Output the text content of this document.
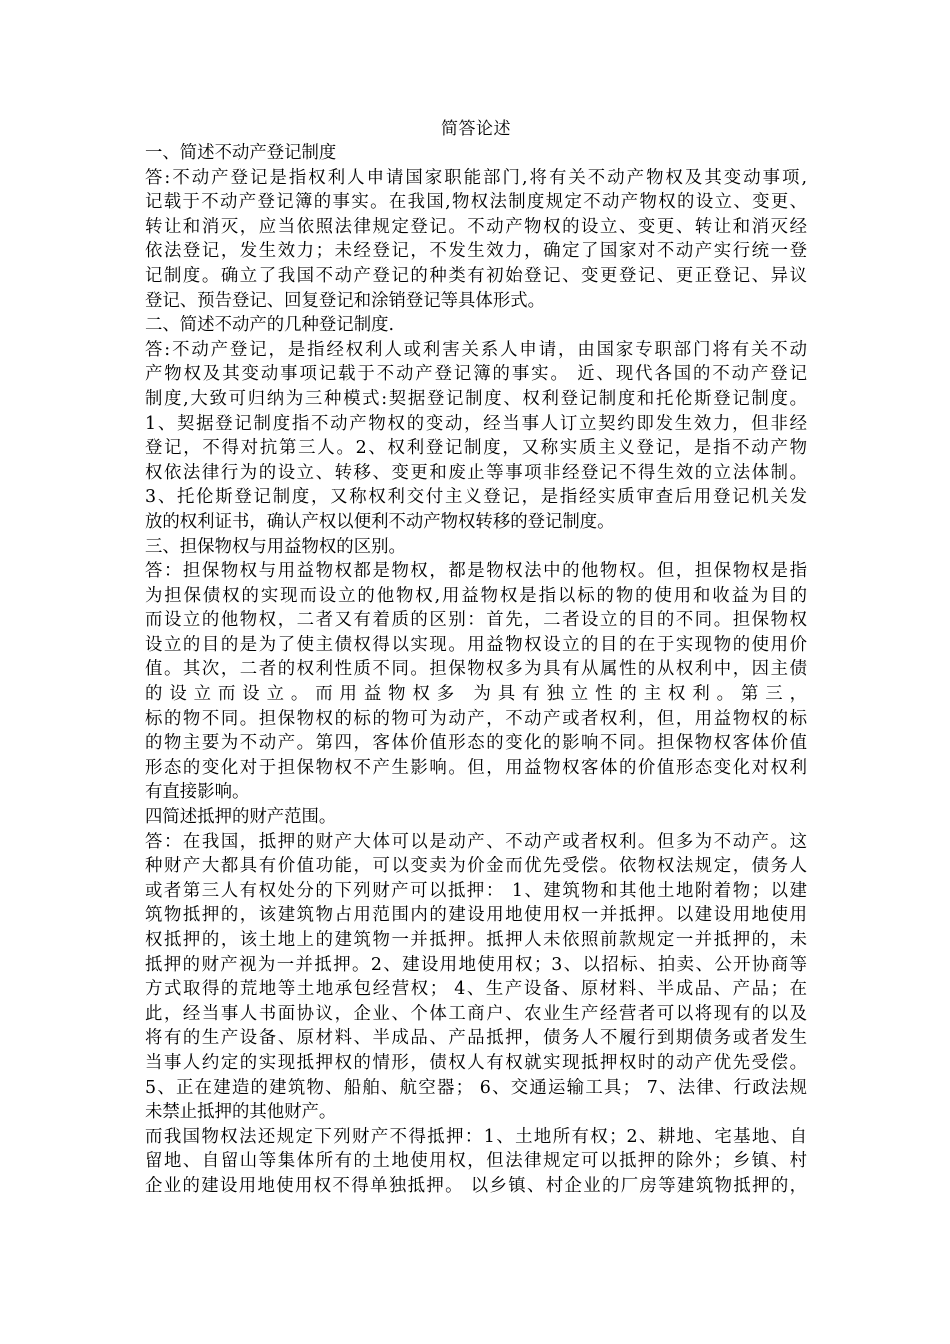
简答论述
一、简述不动产登记制度
答:不动产登记是指权利人申请国家职能部门,将有关不动产物权及其变动事项,
记载于不动产登记簿的事实。在我国,物权法制度规定不动产物权的设立、变更、
转让和消灭，应当依照法律规定登记。不动产物权的设立、变更、转让和消灭经
依法登记，发生效力；未经登记，不发生效力，确定了国家对不动产实行统一登
记制度。确立了我国不动产登记的种类有初始登记、变更登记、更正登记、异议
登记、预告登记、回复登记和涂销登记等具体形式。
二、简述不动产的几种登记制度.
答:不动产登记，是指经权利人或利害关系人申请，由国家专职部门将有关不动
产物权及其变动事项记载于不动产登记簿的事实。 近、现代各国的不动产登记
制度,大致可归纳为三种模式:契据登记制度、权利登记制度和托伦斯登记制度。
1、契据登记制度指不动产物权的变动，经当事人订立契约即发生效力，但非经
登记，不得对抗第三人。2、权利登记制度，又称实质主义登记，是指不动产物
权依法律行为的设立、转移、变更和废止等事项非经登记不得生效的立法体制。
3、托伦斯登记制度，又称权利交付主义登记，是指经实质审查后用登记机关发
放的权利证书，确认产权以便利不动产物权转移的登记制度。
三、担保物权与用益物权的区别。
答：担保物权与用益物权都是物权，都是物权法中的他物权。但，担保物权是指
为担保债权的实现而设立的他物权,用益物权是指以标的物的使用和收益为目的
而设立的他物权，二者又有着质的区别：首先，二者设立的目的不同。担保物权
设立的目的是为了使主债权得以实现。用益物权设立的目的在于实现物的使用价
值。其次，二者的权利性质不同。担保物权多为具有从属性的从权利中，因主债
的设立而设立。而用益物权多 为具有独立性的主权利。第三，
标的物不同。担保物权的标的物可为动产，不动产或者权利，但，用益物权的标
的物主要为不动产。第四，客体价值形态的变化的影响不同。担保物权客体价值
形态的变化对于担保物权不产生影响。但，用益物权客体的价值形态变化对权利
有直接影响。
四简述抵押的财产范围。
答：在我国，抵押的财产大体可以是动产、不动产或者权利。但多为不动产。这
种财产大都具有价值功能，可以变卖为价金而优先受偿。依物权法规定，债务人
或者第三人有权处分的下列财产可以抵押： 1、建筑物和其他土地附着物；以建
筑物抵押的，该建筑物占用范围内的建设用地使用权一并抵押。以建设用地使用
权抵押的，该土地上的建筑物一并抵押。抵押人未依照前款规定一并抵押的，未
抵押的财产视为一并抵押。2、建设用地使用权；3、以招标、拍卖、公开协商等
方式取得的荒地等土地承包经营权； 4、生产设备、原材料、半成品、产品；在
此，经当事人书面协议，企业、个体工商户、农业生产经营者可以将现有的以及
将有的生产设备、原材料、半成品、产品抵押，债务人不履行到期债务或者发生
当事人约定的实现抵押权的情形，债权人有权就实现抵押权时的动产优先受偿。
5、正在建造的建筑物、船舶、航空器； 6、交通运输工具； 7、法律、行政法规
未禁止抵押的其他财产。
而我国物权法还规定下列财产不得抵押：1、土地所有权；2、耕地、宅基地、自
留地、自留山等集体所有的土地使用权，但法律规定可以抵押的除外；乡镇、村
企业的建设用地使用权不得单独抵押。 以乡镇、村企业的厂房等建筑物抵押的，
